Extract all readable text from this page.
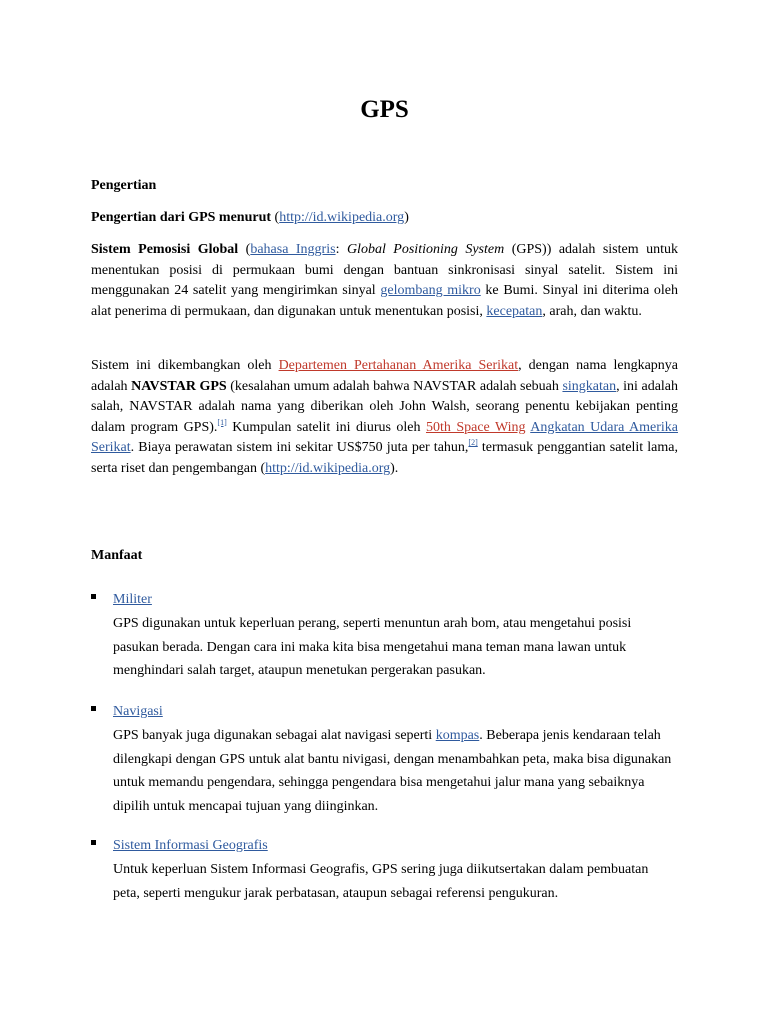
GPS
Pengertian
Pengertian dari GPS menurut (http://id.wikipedia.org)
Sistem Pemosisi Global (bahasa Inggris: Global Positioning System (GPS)) adalah sistem untuk menentukan posisi di permukaan bumi dengan bantuan sinkronisasi sinyal satelit. Sistem ini menggunakan 24 satelit yang mengirimkan sinyal gelombang mikro ke Bumi. Sinyal ini diterima oleh alat penerima di permukaan, dan digunakan untuk menentukan posisi, kecepatan, arah, dan waktu.
Sistem ini dikembangkan oleh Departemen Pertahanan Amerika Serikat, dengan nama lengkapnya adalah NAVSTAR GPS (kesalahan umum adalah bahwa NAVSTAR adalah sebuah singkatan, ini adalah salah, NAVSTAR adalah nama yang diberikan oleh John Walsh, seorang penentu kebijakan penting dalam program GPS).[1] Kumpulan satelit ini diurus oleh 50th Space Wing Angkatan Udara Amerika Serikat. Biaya perawatan sistem ini sekitar US$750 juta per tahun,[2] termasuk penggantian satelit lama, serta riset dan pengembangan (http://id.wikipedia.org).
Manfaat
Militer
GPS digunakan untuk keperluan perang, seperti menuntun arah bom, atau mengetahui posisi pasukan berada. Dengan cara ini maka kita bisa mengetahui mana teman mana lawan untuk menghindari salah target, ataupun menetukan pergerakan pasukan.
Navigasi
GPS banyak juga digunakan sebagai alat navigasi seperti kompas. Beberapa jenis kendaraan telah dilengkapi dengan GPS untuk alat bantu nivigasi, dengan menambahkan peta, maka bisa digunakan untuk memandu pengendara, sehingga pengendara bisa mengetahui jalur mana yang sebaiknya dipilih untuk mencapai tujuan yang diinginkan.
Sistem Informasi Geografis
Untuk keperluan Sistem Informasi Geografis, GPS sering juga diikutsertakan dalam pembuatan peta, seperti mengukur jarak perbatasan, ataupun sebagai referensi pengukuran.
